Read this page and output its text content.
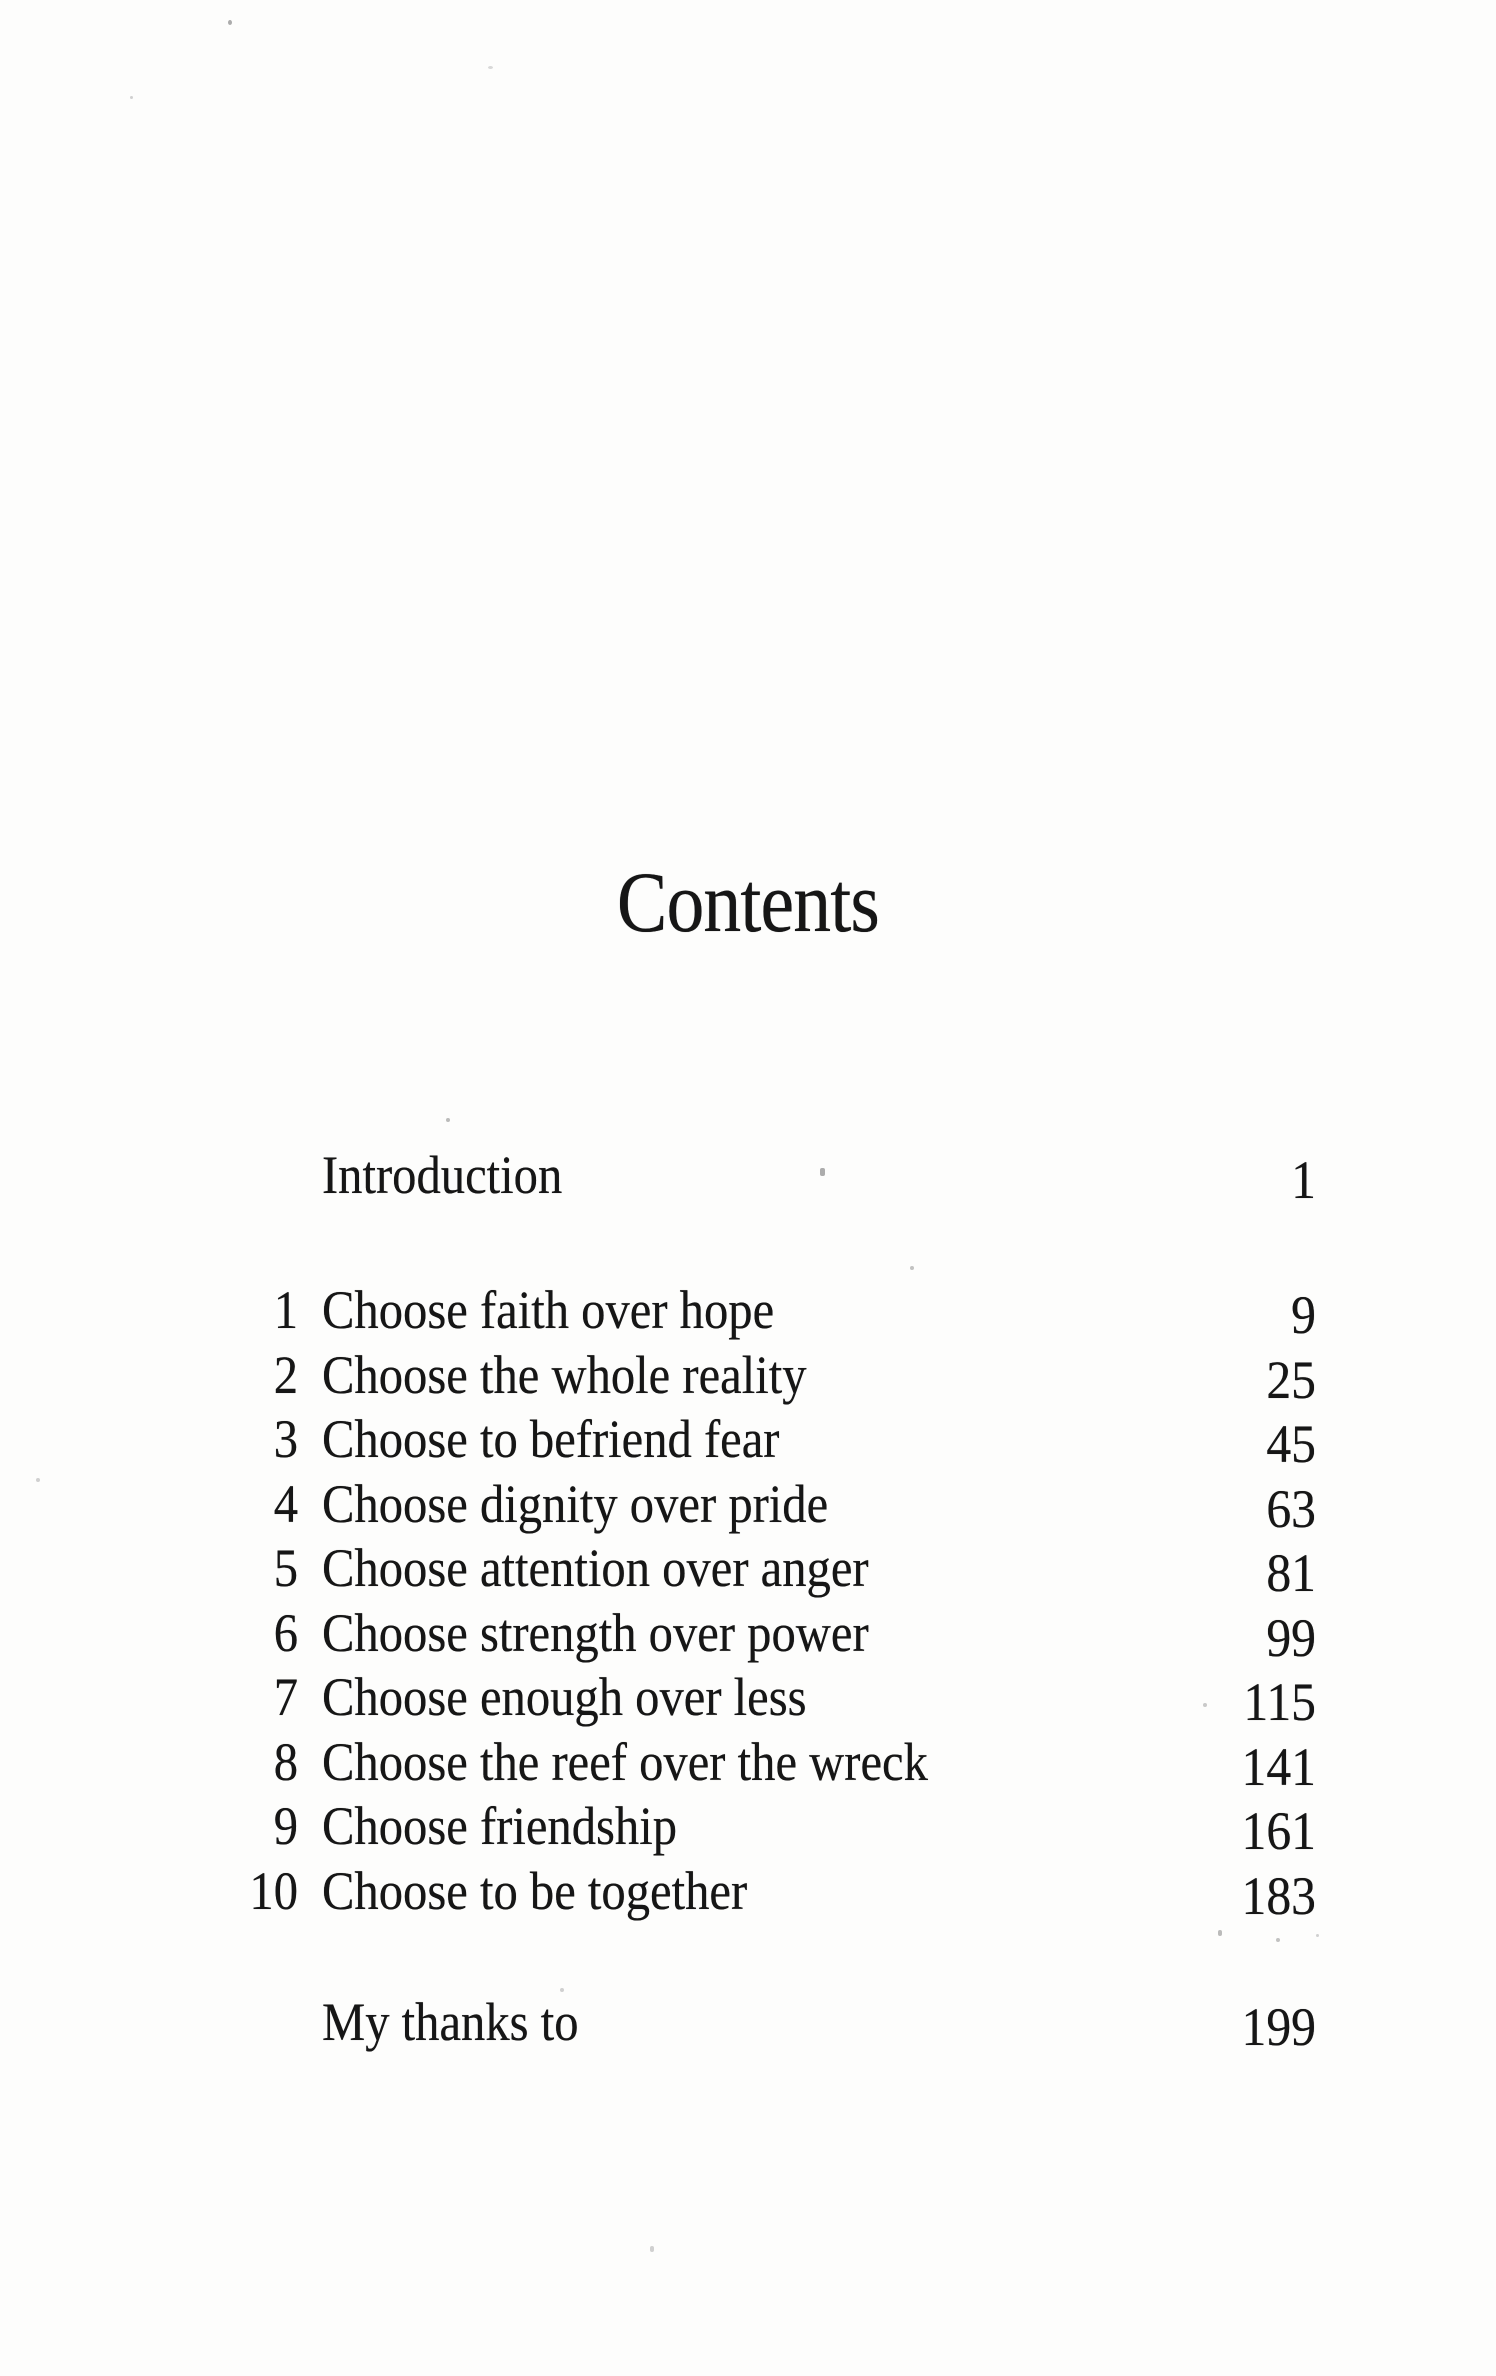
Contents
Introduction	1
1 Choose faith over hope	9
2 Choose the whole reality	25
3 Choose to befriend fear	45
4 Choose dignity over pride	63
5 Choose attention over anger	81
6 Choose strength over power	99
7 Choose enough over less	115
8 Choose the reef over the wreck	141
9 Choose friendship	161
10 Choose to be together	183
My thanks to	199
